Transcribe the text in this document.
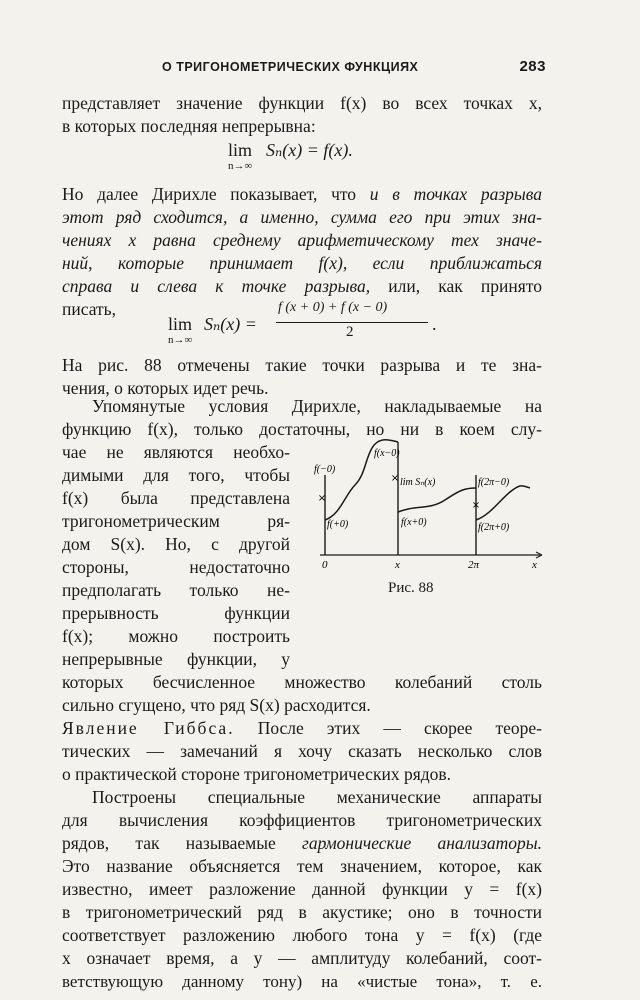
О ТРИГОНОМЕТРИЧЕСКИХ ФУНКЦИЯХ	283
представляет значение функции f(x) во всех точках x,
в которых последняя непрерывна:
lim
n→∞
Sₙ(x) = f(x).
Но далее Дирихле показывает, что и в точках разрыва
этот ряд сходится, а именно, сумма его при этих зна-
чениях x равна среднему арифметическому тех значе-
ний, которые принимает f(x), если приближаться
справа и слева к точке разрыва, или, как принято
писать,
lim
n→∞
Sₙ(x) =
f (x + 0) + f (x − 0)
2	.
На рис. 88 отмечены такие точки разрыва и те зна-
чения, о которых идет речь.
Упомянутые условия Дирихле, накладываемые на
функцию f(x), только достаточны, но ни в коем слу-
чае не являются необхо-
димыми для того, чтобы
f(x) была представлена
тригонометрическим ря-
дом S(x). Но, с другой
стороны, недостаточно
предполагать только не-
прерывность функции
f(x); можно построить
непрерывные функции, у
которых бесчисленное множество колебаний столь
сильно сгущено, что ряд S(x) расходится.
Явление Гиббса. После этих — скорее теоре-
тических — замечаний я хочу сказать несколько слов
о практической стороне тригонометрических рядов.
Построены специальные механические аппараты
для вычисления коэффициентов тригонометрических
рядов, так называемые гармонические анализаторы.
Это название объясняется тем значением, которое, как
известно, имеет разложение данной функции y = f(x)
в тригонометрический ряд в акустике; оно в точности
соответствует разложению любого тона y = f(x) (где
x означает время, а y — амплитуду колебаний, соот-
ветствующую данному тону) на «чистые тона», т. е.
×
×
×
f(−0)
f(+0)
f(x−0)
lim Sₙ(x)
f(x+0)
f(2π−0)
f(2π+0)
0	x	2π	x
Рис. 88
